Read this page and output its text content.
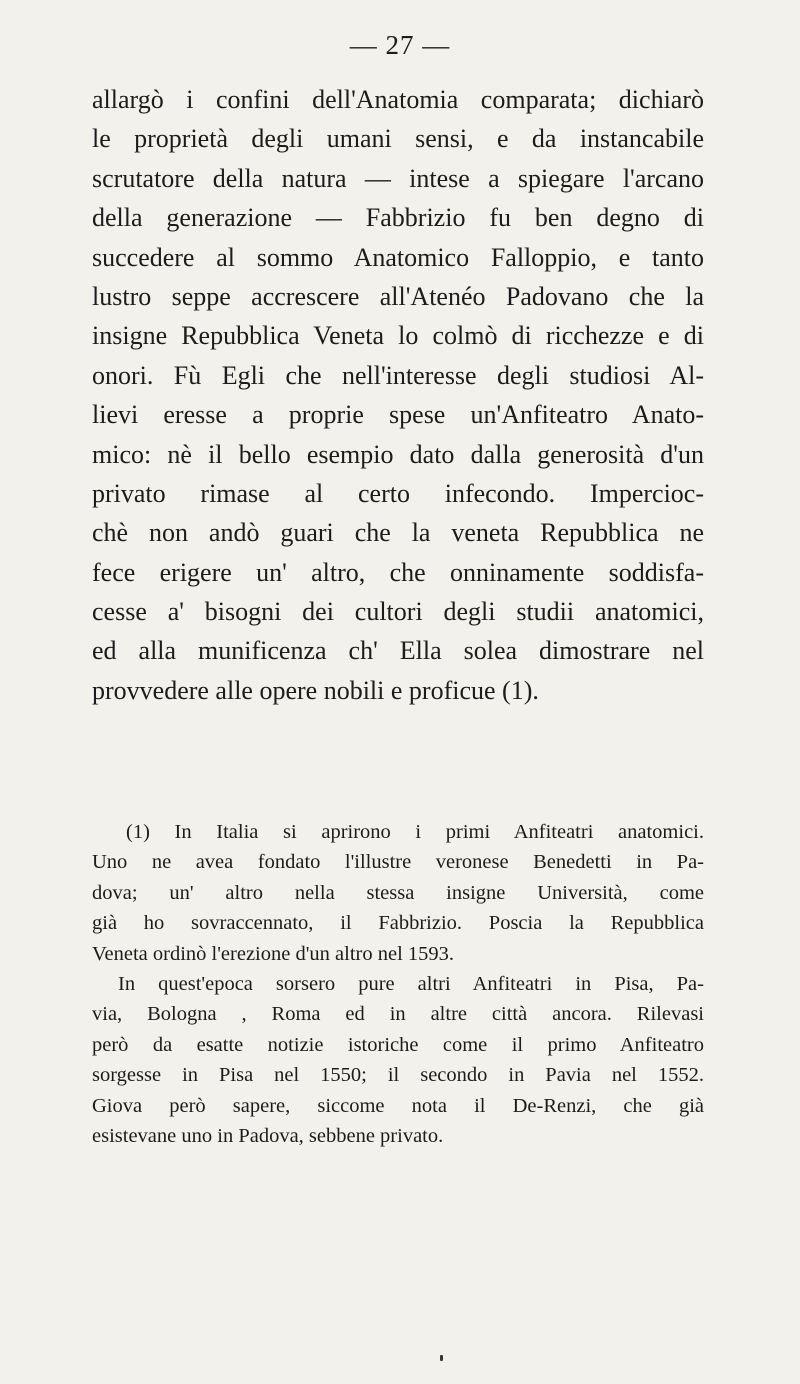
— 27 —
allargò i confini dell'Anatomia comparata; dichiarò
le proprietà degli umani sensi, e da instancabile
scrutatore della natura — intese a spiegare l'arcano
della generazione — Fabbrizio fu ben degno di
succedere al sommo Anatomico Falloppio, e tanto
lustro seppe accrescere all'Atenéo Padovano che la
insigne Repubblica Veneta lo colmò di ricchezze e di
onori. Fù Egli che nell'interesse degli studiosi Al-
lievi eresse a proprie spese un'Anfiteatro Anato-
mico: nè il bello esempio dato dalla generosità d'un
privato rimase al certo infecondo. Impercioc-
chè non andò guari che la veneta Repubblica ne
fece erigere un' altro, che onninamente soddisfa-
cesse a' bisogni dei cultori degli studii anatomici,
ed alla munificenza ch' Ella solea dimostrare nel
provvedere alle opere nobili e proficue (1).
(1) In Italia si aprirono i primi Anfiteatri anatomici.
Uno ne avea fondato l'illustre veronese Benedetti in Pa-
dova; un' altro nella stessa insigne Università, come
già ho sovraccennato, il Fabbrizio. Poscia la Repubblica
Veneta ordinò l'erezione d'un altro nel 1593.
In quest'epoca sorsero pure altri Anfiteatri in Pisa, Pa-
via, Bologna , Roma ed in altre città ancora. Rilevasi
però da esatte notizie istoriche come il primo Anfiteatro
sorgesse in Pisa nel 1550; il secondo in Pavia nel 1552.
Giova però sapere, siccome nota il De-Renzi, che già
esistevane uno in Padova, sebbene privato.
